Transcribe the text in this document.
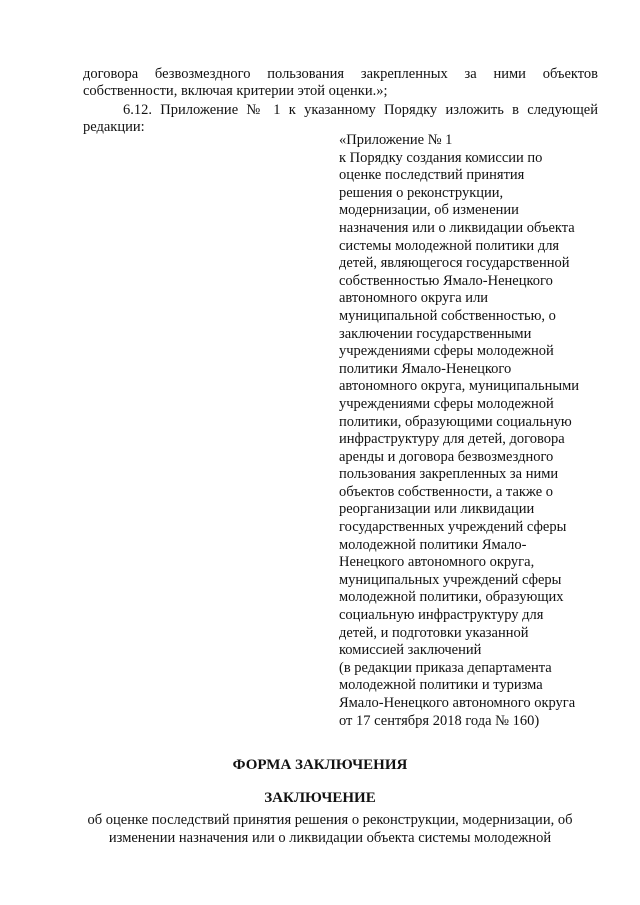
договора безвозмездного пользования закрепленных за ними объектов
собственности, включая критерии этой оценки.»;

6.12. Приложение № 1 к указанному Порядку изложить в следующей
редакции:

«Приложение № 1
к Порядку создания комиссии по
оценке последствий принятия
решения о реконструкции,
модернизации, об изменении
назначения или о ликвидации объекта
системы молодежной политики для
детей, являющегося государственной
собственностью Ямало-Ненецкого
автономного округа или
муниципальной собственностью, о
заключении государственными
учреждениями сферы молодежной
политики Ямало-Ненецкого
автономного округа, муниципальными
учреждениями сферы молодежной
политики, образующими социальную
инфраструктуру для детей, договора
аренды и договора безвозмездного
пользования закрепленных за ними
объектов собственности, а также о
реорганизации или ликвидации
государственных учреждений сферы
молодежной политики Ямало-
Ненецкого автономного округа,
муниципальных учреждений сферы
молодежной политики, образующих
социальную инфраструктуру для
детей, и подготовки указанной
комиссией заключений
(в редакции приказа департамента
молодежной политики и туризма
Ямало-Ненецкого автономного округа
от 17 сентября 2018 года № 160)
ФОРМА ЗАКЛЮЧЕНИЯ
ЗАКЛЮЧЕНИЕ

об оценке последствий принятия решения о реконструкции, модернизации, об
изменении назначения или о ликвидации объекта системы молодежной
